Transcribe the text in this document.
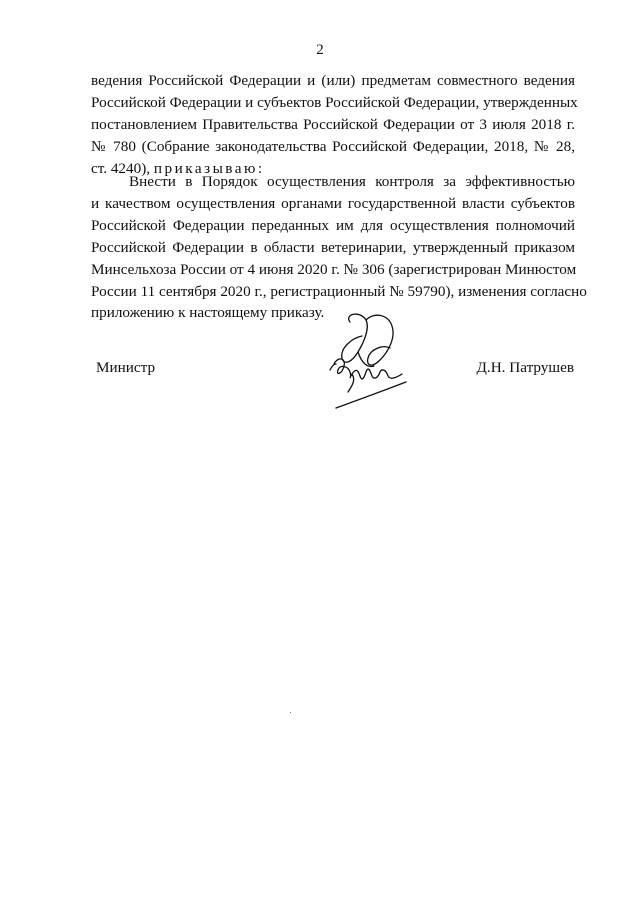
2
ведения Российской Федерации и (или) предметам совместного ведения
Российской Федерации и субъектов Российской Федерации, утвержденных
постановлением Правительства Российской Федерации от 3 июля 2018 г.
№ 780 (Собрание законодательства Российской Федерации, 2018, № 28,
ст. 4240), приказываю:
Внести в Порядок осуществления контроля за эффективностью
и качеством осуществления органами государственной власти субъектов
Российской Федерации переданных им для осуществления полномочий
Российской Федерации в области ветеринарии, утвержденный приказом
Минсельхоза России от 4 июня 2020 г. № 306 (зарегистрирован Минюстом
России 11 сентября 2020 г., регистрационный № 59790), изменения согласно
приложению к настоящему приказу.
Министр	Д.Н. Патрушев
